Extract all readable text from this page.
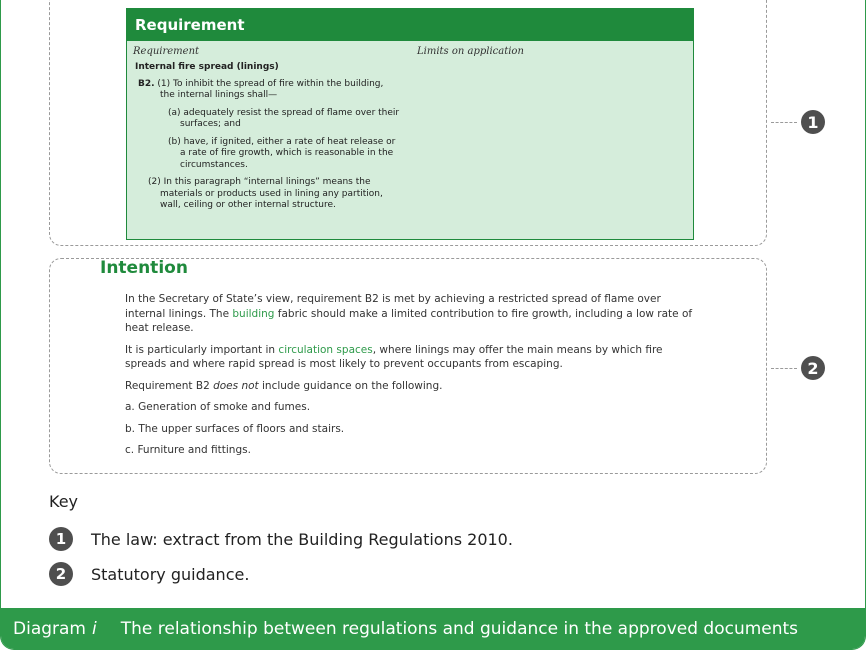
Requirement
Requirement	Limits on application
Internal fire spread (linings)
B2. (1) To inhibit the spread of fire within the building, the internal linings shall—
(a) adequately resist the spread of flame over their surfaces; and
(b) have, if ignited, either a rate of heat release or a rate of fire growth, which is reasonable in the circumstances.
(2) In this paragraph “internal linings” means the materials or products used in lining any partition, wall, ceiling or other internal structure.
1
2
Intention

In the Secretary of State’s view, requirement B2 is met by achieving a restricted spread of flame over internal linings. The building fabric should make a limited contribution to fire growth, including a low rate of heat release.

It is particularly important in circulation spaces, where linings may offer the main means by which fire spreads and where rapid spread is most likely to prevent occupants from escaping.

Requirement B2 does not include guidance on the following.

a. Generation of smoke and fumes.

b. The upper surfaces of floors and stairs.

c. Furniture and fittings.

Key
1	The law: extract from the Building Regulations 2010.
2	Statutory guidance.
Diagram i The relationship between regulations and guidance in the approved documents
